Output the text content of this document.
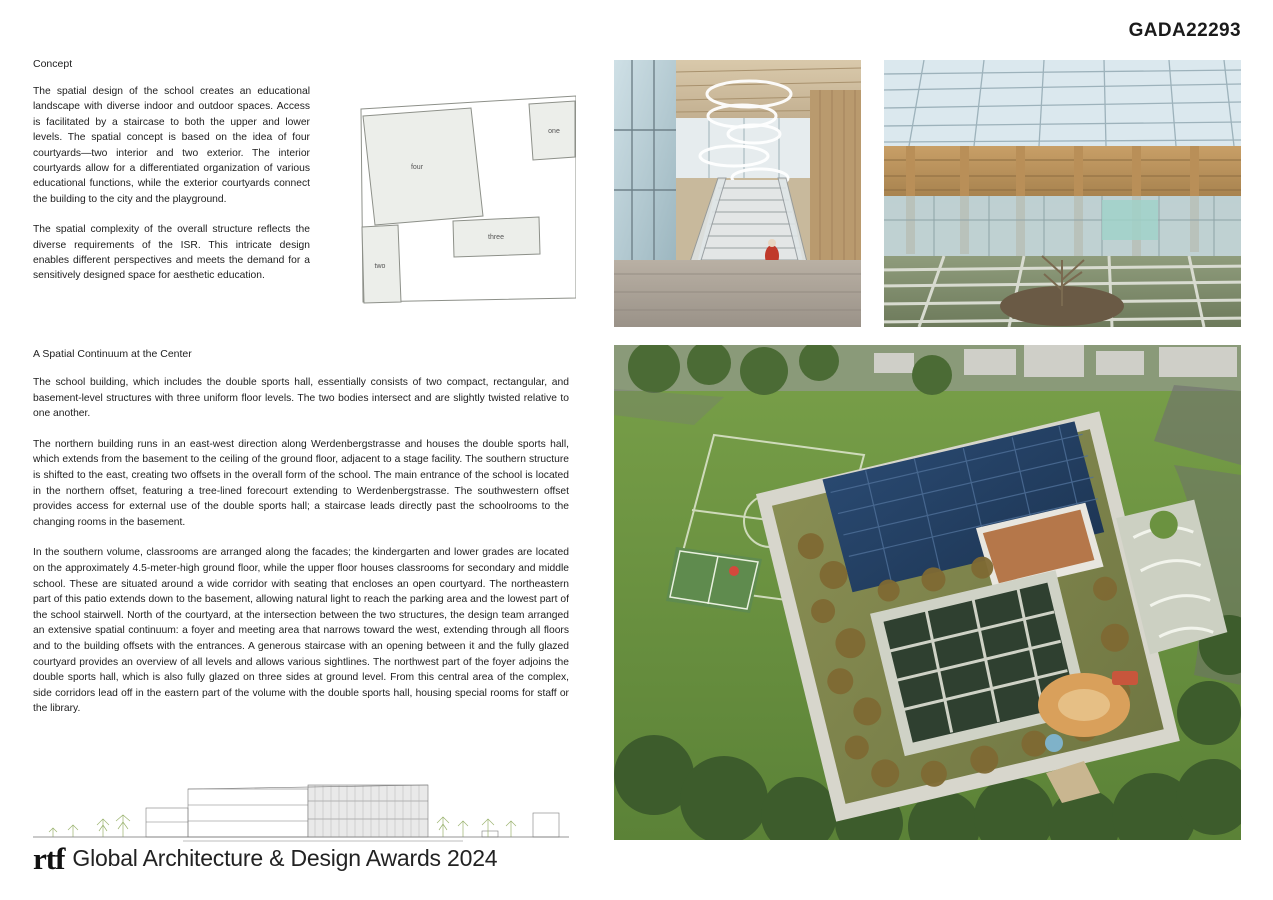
GADA22293
Concept

The spatial design of the school creates an educational landscape with diverse indoor and outdoor spaces. Access is facilitated by a staircase to both the upper and lower levels. The spatial concept is based on the idea of four courtyards—two interior and two exterior. The interior courtyards allow for a differentiated organization of various educational functions, while the exterior courtyards connect the building to the city and the playground.

The spatial complexity of the overall structure reflects the diverse requirements of the ISR. This intricate design enables different perspectives and meets the demand for a sensitively designed space for aesthetic education.

four
one
three
two
A Spatial Continuum at the Center

The school building, which includes the double sports hall, essentially consists of two compact, rectangular, and basement-level structures with three uniform floor levels. The two bodies intersect and are slightly twisted relative to one another.

The northern building runs in an east-west direction along Werdenbergstrasse and houses the double sports hall, which extends from the basement to the ceiling of the ground floor, adjacent to a stage facility. The southern structure is shifted to the east, creating two offsets in the overall form of the school. The main entrance of the school is located in the northern offset, featuring a tree-lined forecourt extending to Werdenbergstrasse. The southwestern offset provides access for external use of the double sports hall; a staircase leads directly past the schoolrooms to the changing rooms in the basement.

In the southern volume, classrooms are arranged along the facades; the kindergarten and lower grades are located on the approximately 4.5-meter-high ground floor, while the upper floor houses classrooms for secondary and middle school. These are situated around a wide corridor with seating that encloses an open courtyard. The northeastern part of this patio extends down to the basement, allowing natural light to reach the parking area and the lowest part of the school stairwell. North of the courtyard, at the intersection between the two structures, the design team arranged an extensive spatial continuum: a foyer and meeting area that narrows toward the west, extending through all floors and to the building offsets with the entrances. A generous staircase with an opening between it and the fully glazed courtyard provides an overview of all levels and allows various sightlines. The northwest part of the foyer adjoins the double sports hall, which is also fully glazed on three sides at ground level. From this central area of the complex, side corridors lead off in the eastern part of the volume with the double sports hall, housing special rooms for staff or the library.

rtf Global Architecture & Design Awards 2024
